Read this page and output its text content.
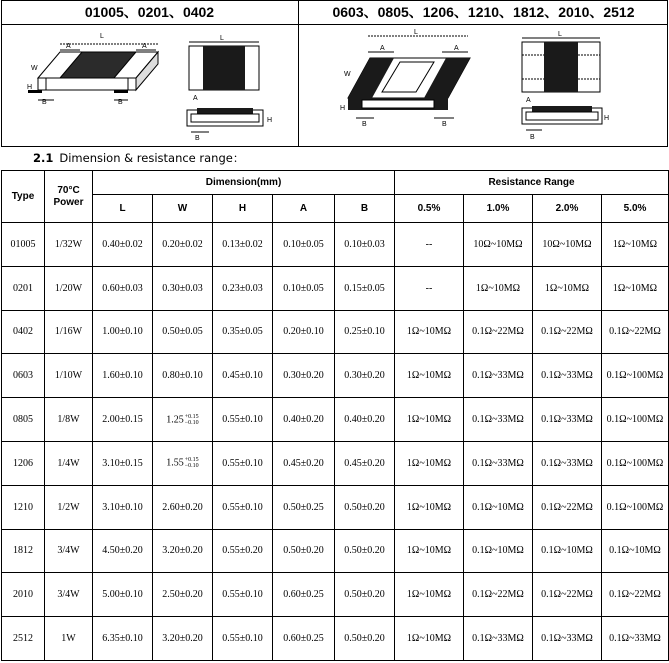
01005、0201、0402	0603、0805、1206、1210、1812、2010、2512
L
A	A
W
H
B	B
L
A
H
B
L
A	A
W
H
B	B
L
A
H
B
2.1 Dimension & resistance range：
Type	70°C Power	Dimension(mm)					Resistance Range			
		L	W	H	A	B	0.5%	1.0%	2.0%	5.0%
01005	1/32W	0.40±0.02	0.20±0.02	0.13±0.02	0.10±0.05	0.10±0.03	--	10Ω~10MΩ	10Ω~10MΩ	1Ω~10MΩ
0201	1/20W	0.60±0.03	0.30±0.03	0.23±0.03	0.10±0.05	0.15±0.05	--	1Ω~10MΩ	1Ω~10MΩ	1Ω~10MΩ
0402	1/16W	1.00±0.10	0.50±0.05	0.35±0.05	0.20±0.10	0.25±0.10	1Ω~10MΩ	0.1Ω~22MΩ	0.1Ω~22MΩ	0.1Ω~22MΩ
0603	1/10W	1.60±0.10	0.80±0.10	0.45±0.10	0.30±0.20	0.30±0.20	1Ω~10MΩ	0.1Ω~33MΩ	0.1Ω~33MΩ	0.1Ω~100MΩ
0805	1/8W	2.00±0.15	1.25+0.15
−0.10	0.55±0.10	0.40±0.20	0.40±0.20	1Ω~10MΩ	0.1Ω~33MΩ	0.1Ω~33MΩ	0.1Ω~100MΩ
1206	1/4W	3.10±0.15	1.55+0.15
−0.10	0.55±0.10	0.45±0.20	0.45±0.20	1Ω~10MΩ	0.1Ω~33MΩ	0.1Ω~33MΩ	0.1Ω~100MΩ
1210	1/2W	3.10±0.10	2.60±0.20	0.55±0.10	0.50±0.25	0.50±0.20	1Ω~10MΩ	0.1Ω~10MΩ	0.1Ω~22MΩ	0.1Ω~100MΩ
1812	3/4W	4.50±0.20	3.20±0.20	0.55±0.20	0.50±0.20	0.50±0.20	1Ω~10MΩ	0.1Ω~10MΩ	0.1Ω~10MΩ	0.1Ω~10MΩ
2010	3/4W	5.00±0.10	2.50±0.20	0.55±0.10	0.60±0.25	0.50±0.20	1Ω~10MΩ	0.1Ω~22MΩ	0.1Ω~22MΩ	0.1Ω~22MΩ
2512	1W	6.35±0.10	3.20±0.20	0.55±0.10	0.60±0.25	0.50±0.20	1Ω~10MΩ	0.1Ω~33MΩ	0.1Ω~33MΩ	0.1Ω~33MΩ
